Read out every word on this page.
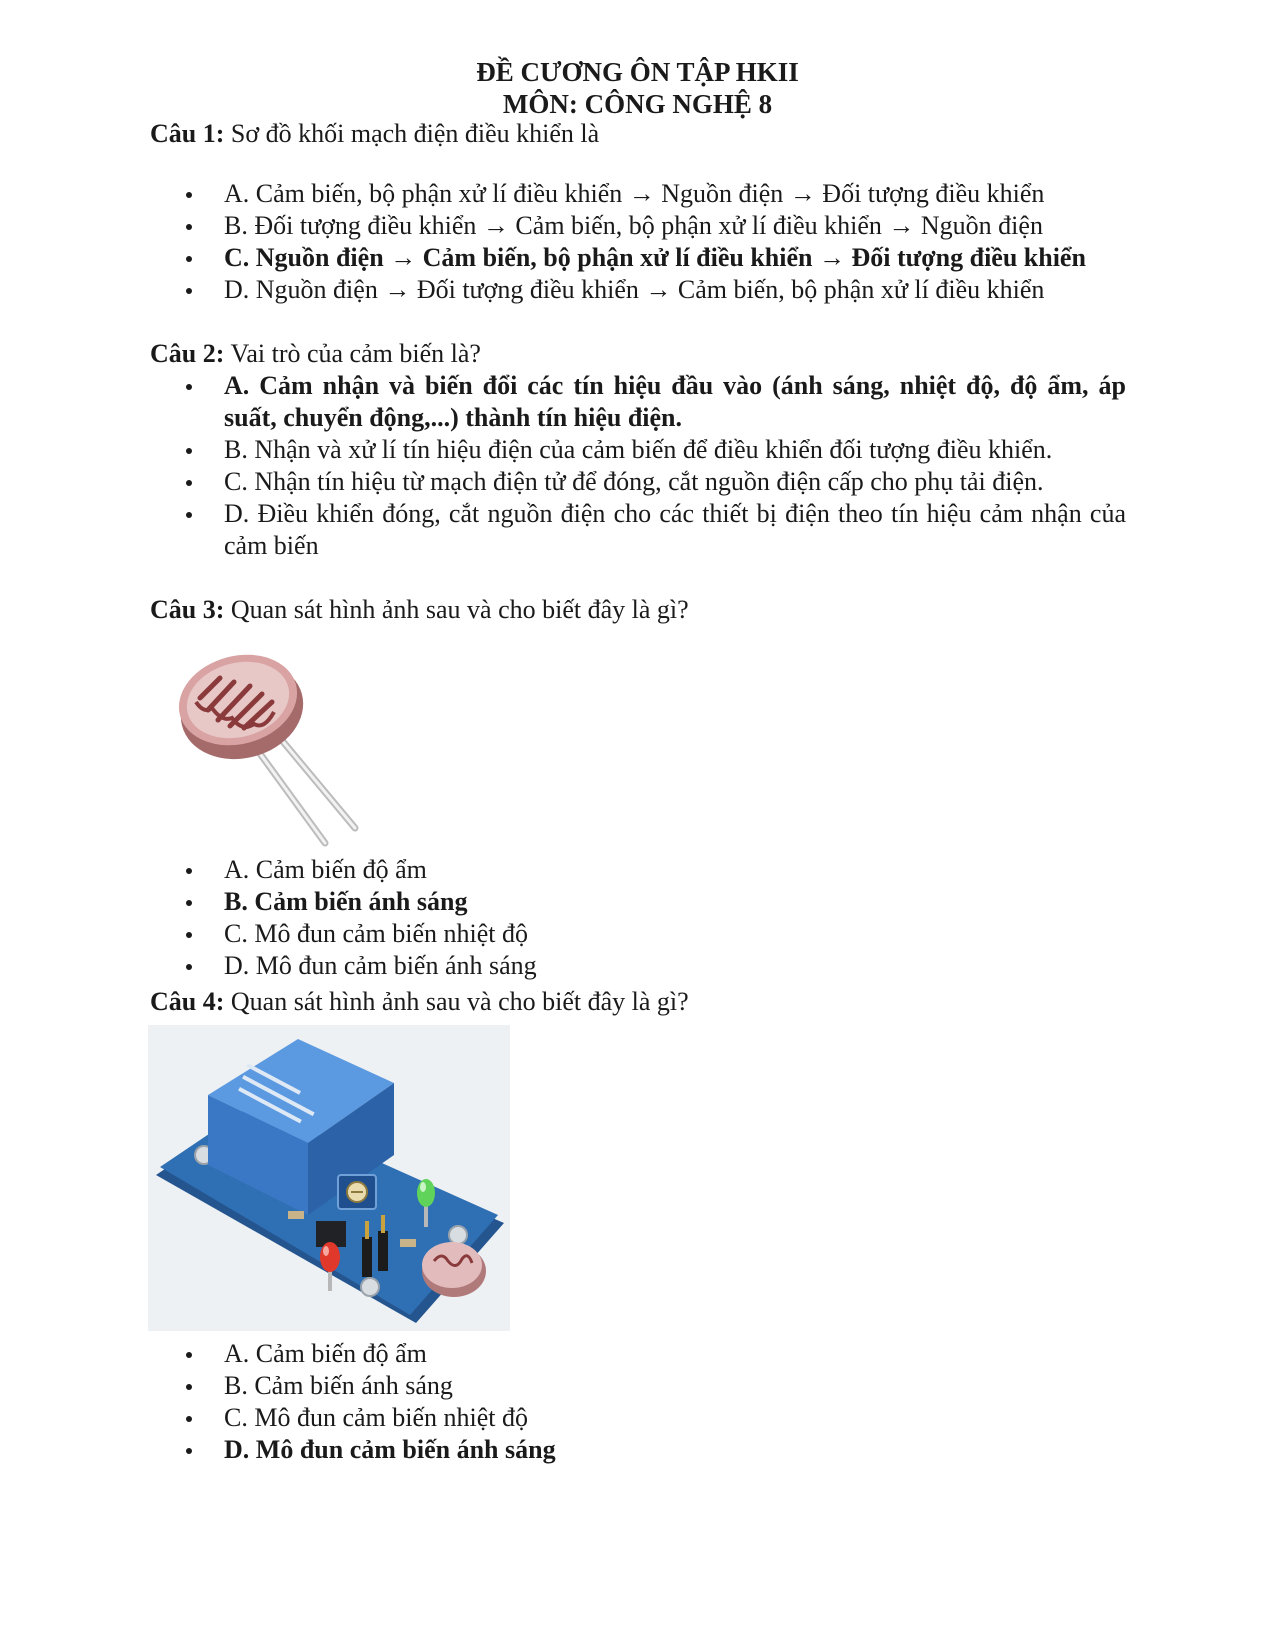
ĐỀ CƯƠNG ÔN TẬP HKII
MÔN: CÔNG NGHỆ 8
Câu 1: Sơ đồ khối mạch điện điều khiển là
A. Cảm biến, bộ phận xử lí điều khiển → Nguồn điện → Đối tượng điều khiển
B. Đối tượng điều khiển → Cảm biến, bộ phận xử lí điều khiển → Nguồn điện
C. Nguồn điện → Cảm biến, bộ phận xử lí điều khiển → Đối tượng điều khiển
D. Nguồn điện → Đối tượng điều khiển → Cảm biến, bộ phận xử lí điều khiển
Câu 2: Vai trò của cảm biến là?
A. Cảm nhận và biến đổi các tín hiệu đầu vào (ánh sáng, nhiệt độ, độ ẩm, áp suất, chuyển động,...) thành tín hiệu điện.
B. Nhận và xử lí tín hiệu điện của cảm biến để điều khiển đối tượng điều khiển.
C. Nhận tín hiệu từ mạch điện tử để đóng, cắt nguồn điện cấp cho phụ tải điện.
D. Điều khiển đóng, cắt nguồn điện cho các thiết bị điện theo tín hiệu cảm nhận của cảm biến
Câu 3: Quan sát hình ảnh sau và cho biết đây là gì?
A. Cảm biến độ ẩm
B. Cảm biến ánh sáng
C. Mô đun cảm biến nhiệt độ
D. Mô đun cảm biến ánh sáng
Câu 4: Quan sát hình ảnh sau và cho biết đây là gì?
A. Cảm biến độ ẩm
B. Cảm biến ánh sáng
C. Mô đun cảm biến nhiệt độ
D. Mô đun cảm biến ánh sáng
